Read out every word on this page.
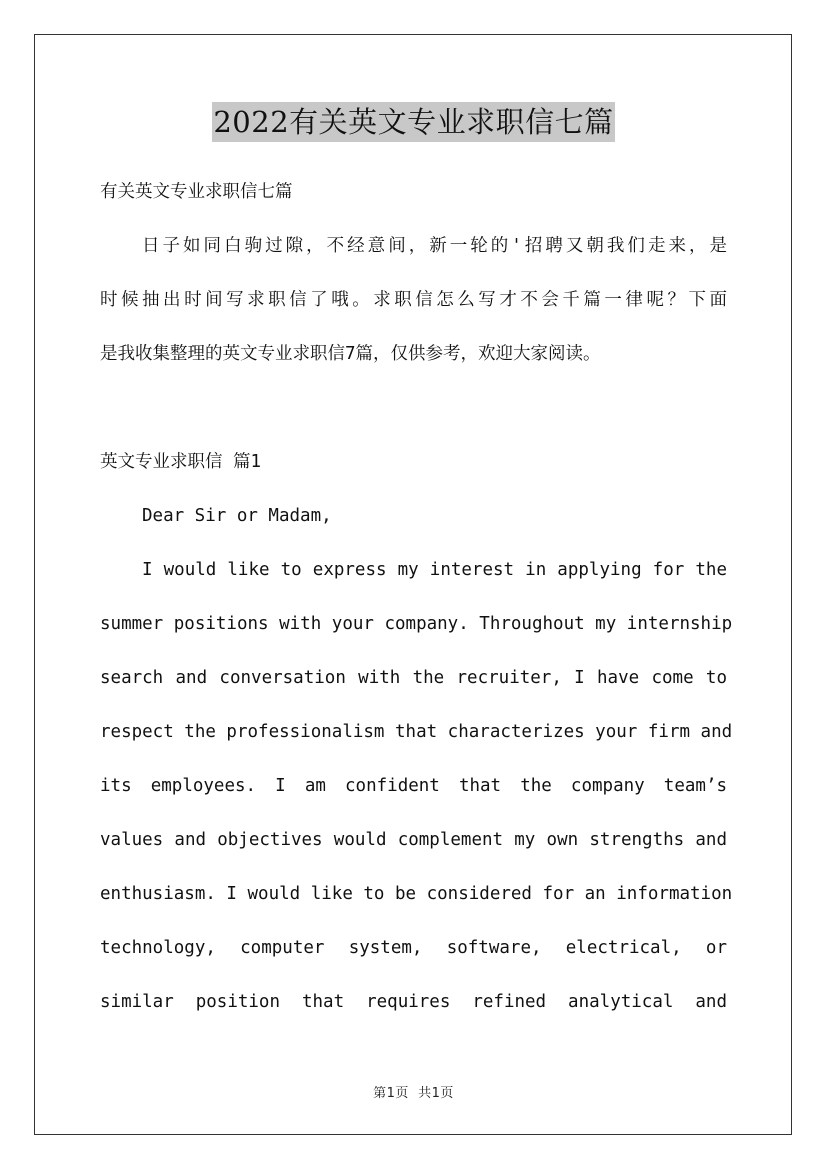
2022有关英文专业求职信七篇
有关英文专业求职信七篇
日子如同白驹过隙，不经意间，新一轮的'招聘又朝我们走来，是
时候抽出时间写求职信了哦。求职信怎么写才不会千篇一律呢？下面
是我收集整理的英文专业求职信7篇，仅供参考，欢迎大家阅读。
英文专业求职信 篇1
Dear Sir or Madam,
I would like to express my interest in applying for the
summer positions with your company. Throughout my internship
search and conversation with the recruiter, I have come to
respect the professionalism that characterizes your firm and
its employees. I am confident that the company team’s
values and objectives would complement my own strengths and
enthusiasm. I would like to be considered for an information
technology, computer system, software, electrical, or
similar position that requires refined analytical and
第1页 共1页
